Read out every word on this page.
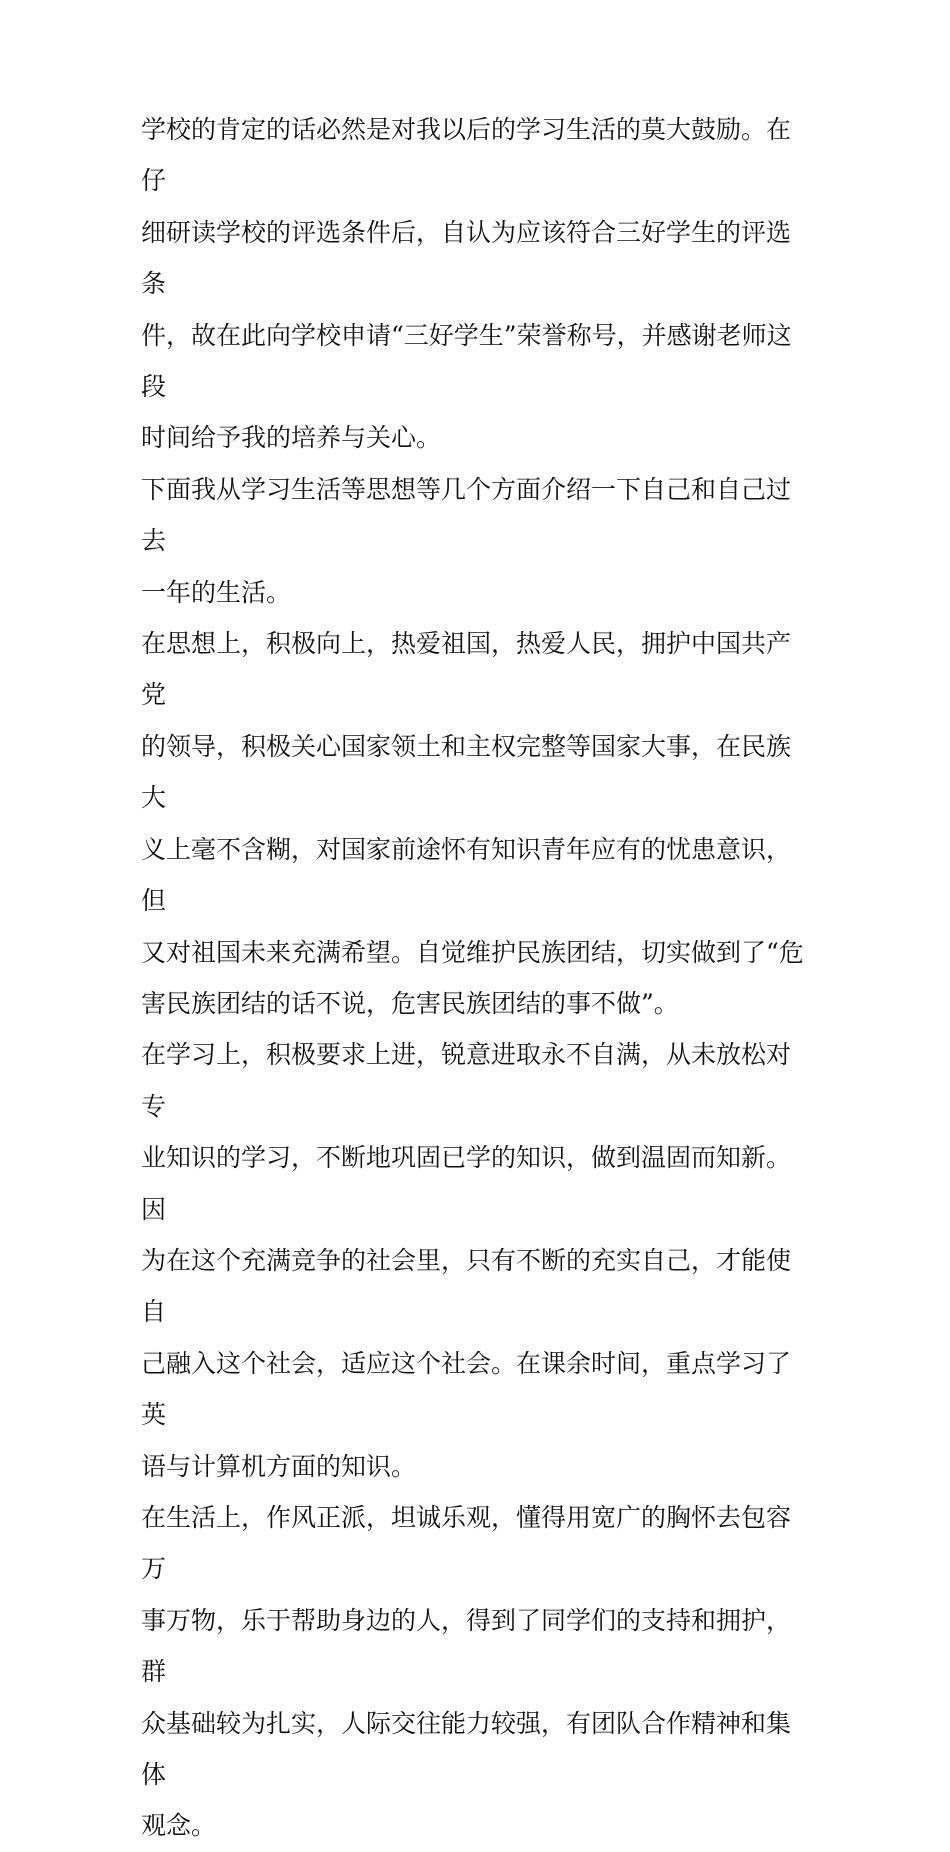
学校的肯定的话必然是对我以后的学习生活的莫大鼓励。在仔
细研读学校的评选条件后，自认为应该符合三好学生的评选条
件，故在此向学校申请“三好学生”荣誉称号，并感谢老师这段
时间给予我的培养与关心。

下面我从学习生活等思想等几个方面介绍一下自己和自己过去
一年的生活。

在思想上，积极向上，热爱祖国，热爱人民，拥护中国共产党
的领导，积极关心国家领土和主权完整等国家大事，在民族大
义上毫不含糊，对国家前途怀有知识青年应有的忧患意识，但
又对祖国未来充满希望。自觉维护民族团结，切实做到了“危
害民族团结的话不说，危害民族团结的事不做”。

在学习上，积极要求上进，锐意进取永不自满，从未放松对专
业知识的学习，不断地巩固已学的知识，做到温固而知新。因
为在这个充满竞争的社会里，只有不断的充实自己，才能使自
己融入这个社会，适应这个社会。在课余时间，重点学习了英
语与计算机方面的知识。

在生活上，作风正派，坦诚乐观，懂得用宽广的胸怀去包容万
事万物，乐于帮助身边的人，得到了同学们的支持和拥护，群
众基础较为扎实，人际交往能力较强，有团队合作精神和集体
观念。
